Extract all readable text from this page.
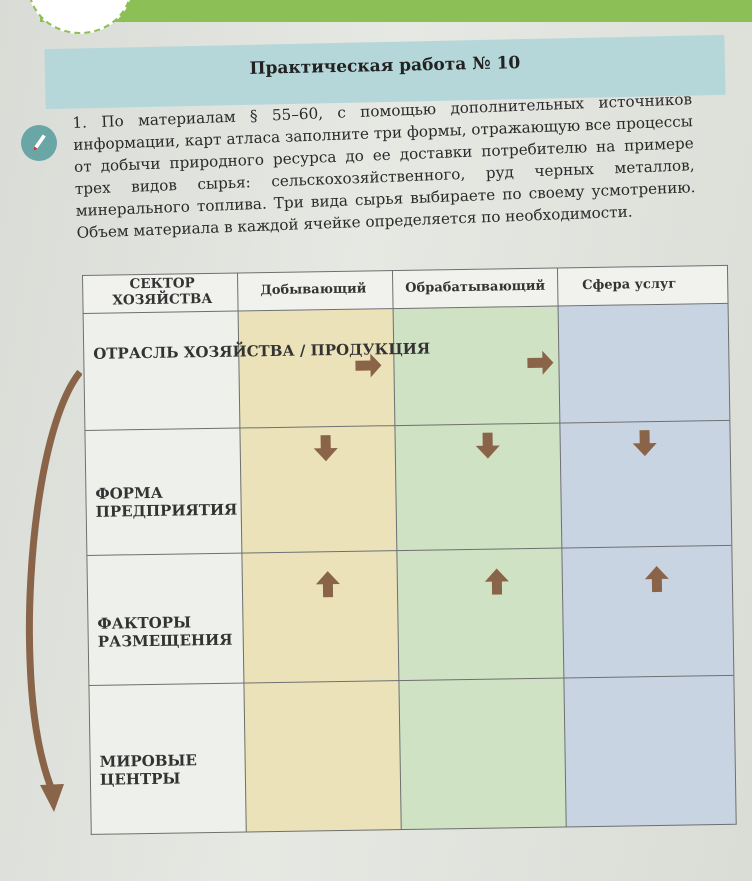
Практическая работа № 10
1. По материалам § 55–60, с помощью дополнительных источников информации, карт атласа заполните три формы, отражающую все процессы от добычи природного ресурса до ее доставки потребителю на примере трех видов сырья: сельскохозяйственного, руд черных металлов, минерального топлива. Три вида сырья выбираете по своему усмотрению. Объем материала в каждой ячейке определяется по необходимости.
СЕКТОР ХОЗЯЙСТВА
Добывающий	Обрабатывающий	Сфера услуг
ОТРАСЛЬ ХОЗЯЙСТВА / ПРОДУКЦИЯ
ФОРМА ПРЕДПРИЯТИЯ
ФАКТОРЫ РАЗМЕЩЕНИЯ
МИРОВЫЕ ЦЕНТРЫ
